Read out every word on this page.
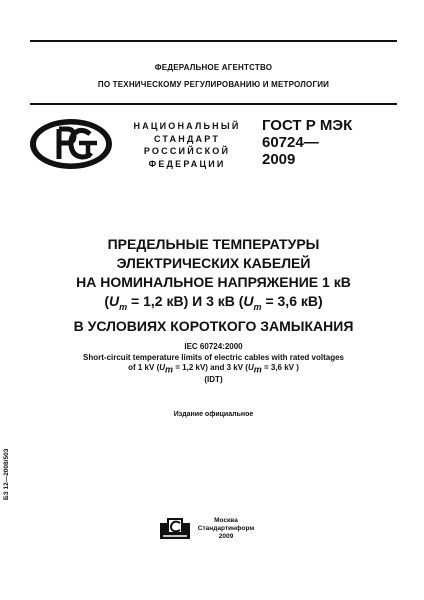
ФЕДЕРАЛЬНОЕ АГЕНТСТВО
ПО ТЕХНИЧЕСКОМУ РЕГУЛИРОВАНИЮ И МЕТРОЛОГИИ
НАЦИОНАЛЬНЫЙ
СТАНДАРТ
РОССИЙСКОЙ
ФЕДЕРАЦИИ
ГОСТ Р МЭК
60724—
2009
ПРЕДЕЛЬНЫЕ ТЕМПЕРАТУРЫ
ЭЛЕКТРИЧЕСКИХ КАБЕЛЕЙ
НА НОМИНАЛЬНОЕ НАПРЯЖЕНИЕ 1 кВ
($U_m = 1,2$ кВ) И 3 кВ ($U_m = 3,6$ кВ)
В УСЛОВИЯХ КОРОТКОГО ЗАМЫКАНИЯ
IEC 60724:2000
Short-circuit temperature limits of electric cables with rated voltages
of 1 kV ($U_m = 1,2$ kV) and 3 kV ($U_m = 3,6$ kV )
(IDT)
Издание официальное
БЗ 12—2008/503
Москва
Стандартинформ
2009
